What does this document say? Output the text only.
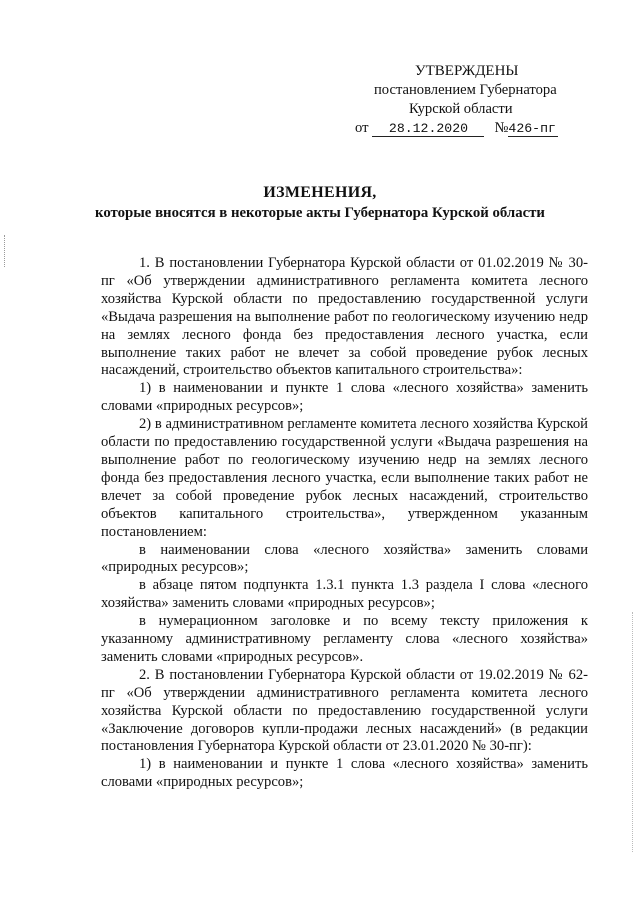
УТВЕРЖДЕНЫ
постановлением Губернатора
Курской области
от 28.12.2020 №426-пг
ИЗМЕНЕНИЯ,
которые вносятся в некоторые акты Губернатора Курской области

1. В постановлении Губернатора Курской области от 01.02.2019 № 30-пг «Об утверждении административного регламента комитета лесного хозяйства Курской области по предоставлению государственной услуги «Выдача разрешения на выполнение работ по геологическому изучению недр на землях лесного фонда без предоставления лесного участка, если выполнение таких работ не влечет за собой проведение рубок лесных насаждений, строительство объектов капитального строительства»:

1) в наименовании и пункте 1 слова «лесного хозяйства» заменить словами «природных ресурсов»;

2) в административном регламенте комитета лесного хозяйства Курской области по предоставлению государственной услуги «Выдача разрешения на выполнение работ по геологическому изучению недр на землях лесного фонда без предоставления лесного участка, если выполнение таких работ не влечет за собой проведение рубок лесных насаждений, строительство объектов капитального строительства», утвержденном указанным постановлением:

в наименовании слова «лесного хозяйства» заменить словами «природных ресурсов»;

в абзаце пятом подпункта 1.3.1 пункта 1.3 раздела I слова «лесного хозяйства» заменить словами «природных ресурсов»;

в нумерационном заголовке и по всему тексту приложения к указанному административному регламенту слова «лесного хозяйства» заменить словами «природных ресурсов».

2. В постановлении Губернатора Курской области от 19.02.2019 № 62-пг «Об утверждении административного регламента комитета лесного хозяйства Курской области по предоставлению государственной услуги «Заключение договоров купли-продажи лесных насаждений» (в редакции постановления Губернатора Курской области от 23.01.2020 № 30-пг):

1) в наименовании и пункте 1 слова «лесного хозяйства» заменить словами «природных ресурсов»;
